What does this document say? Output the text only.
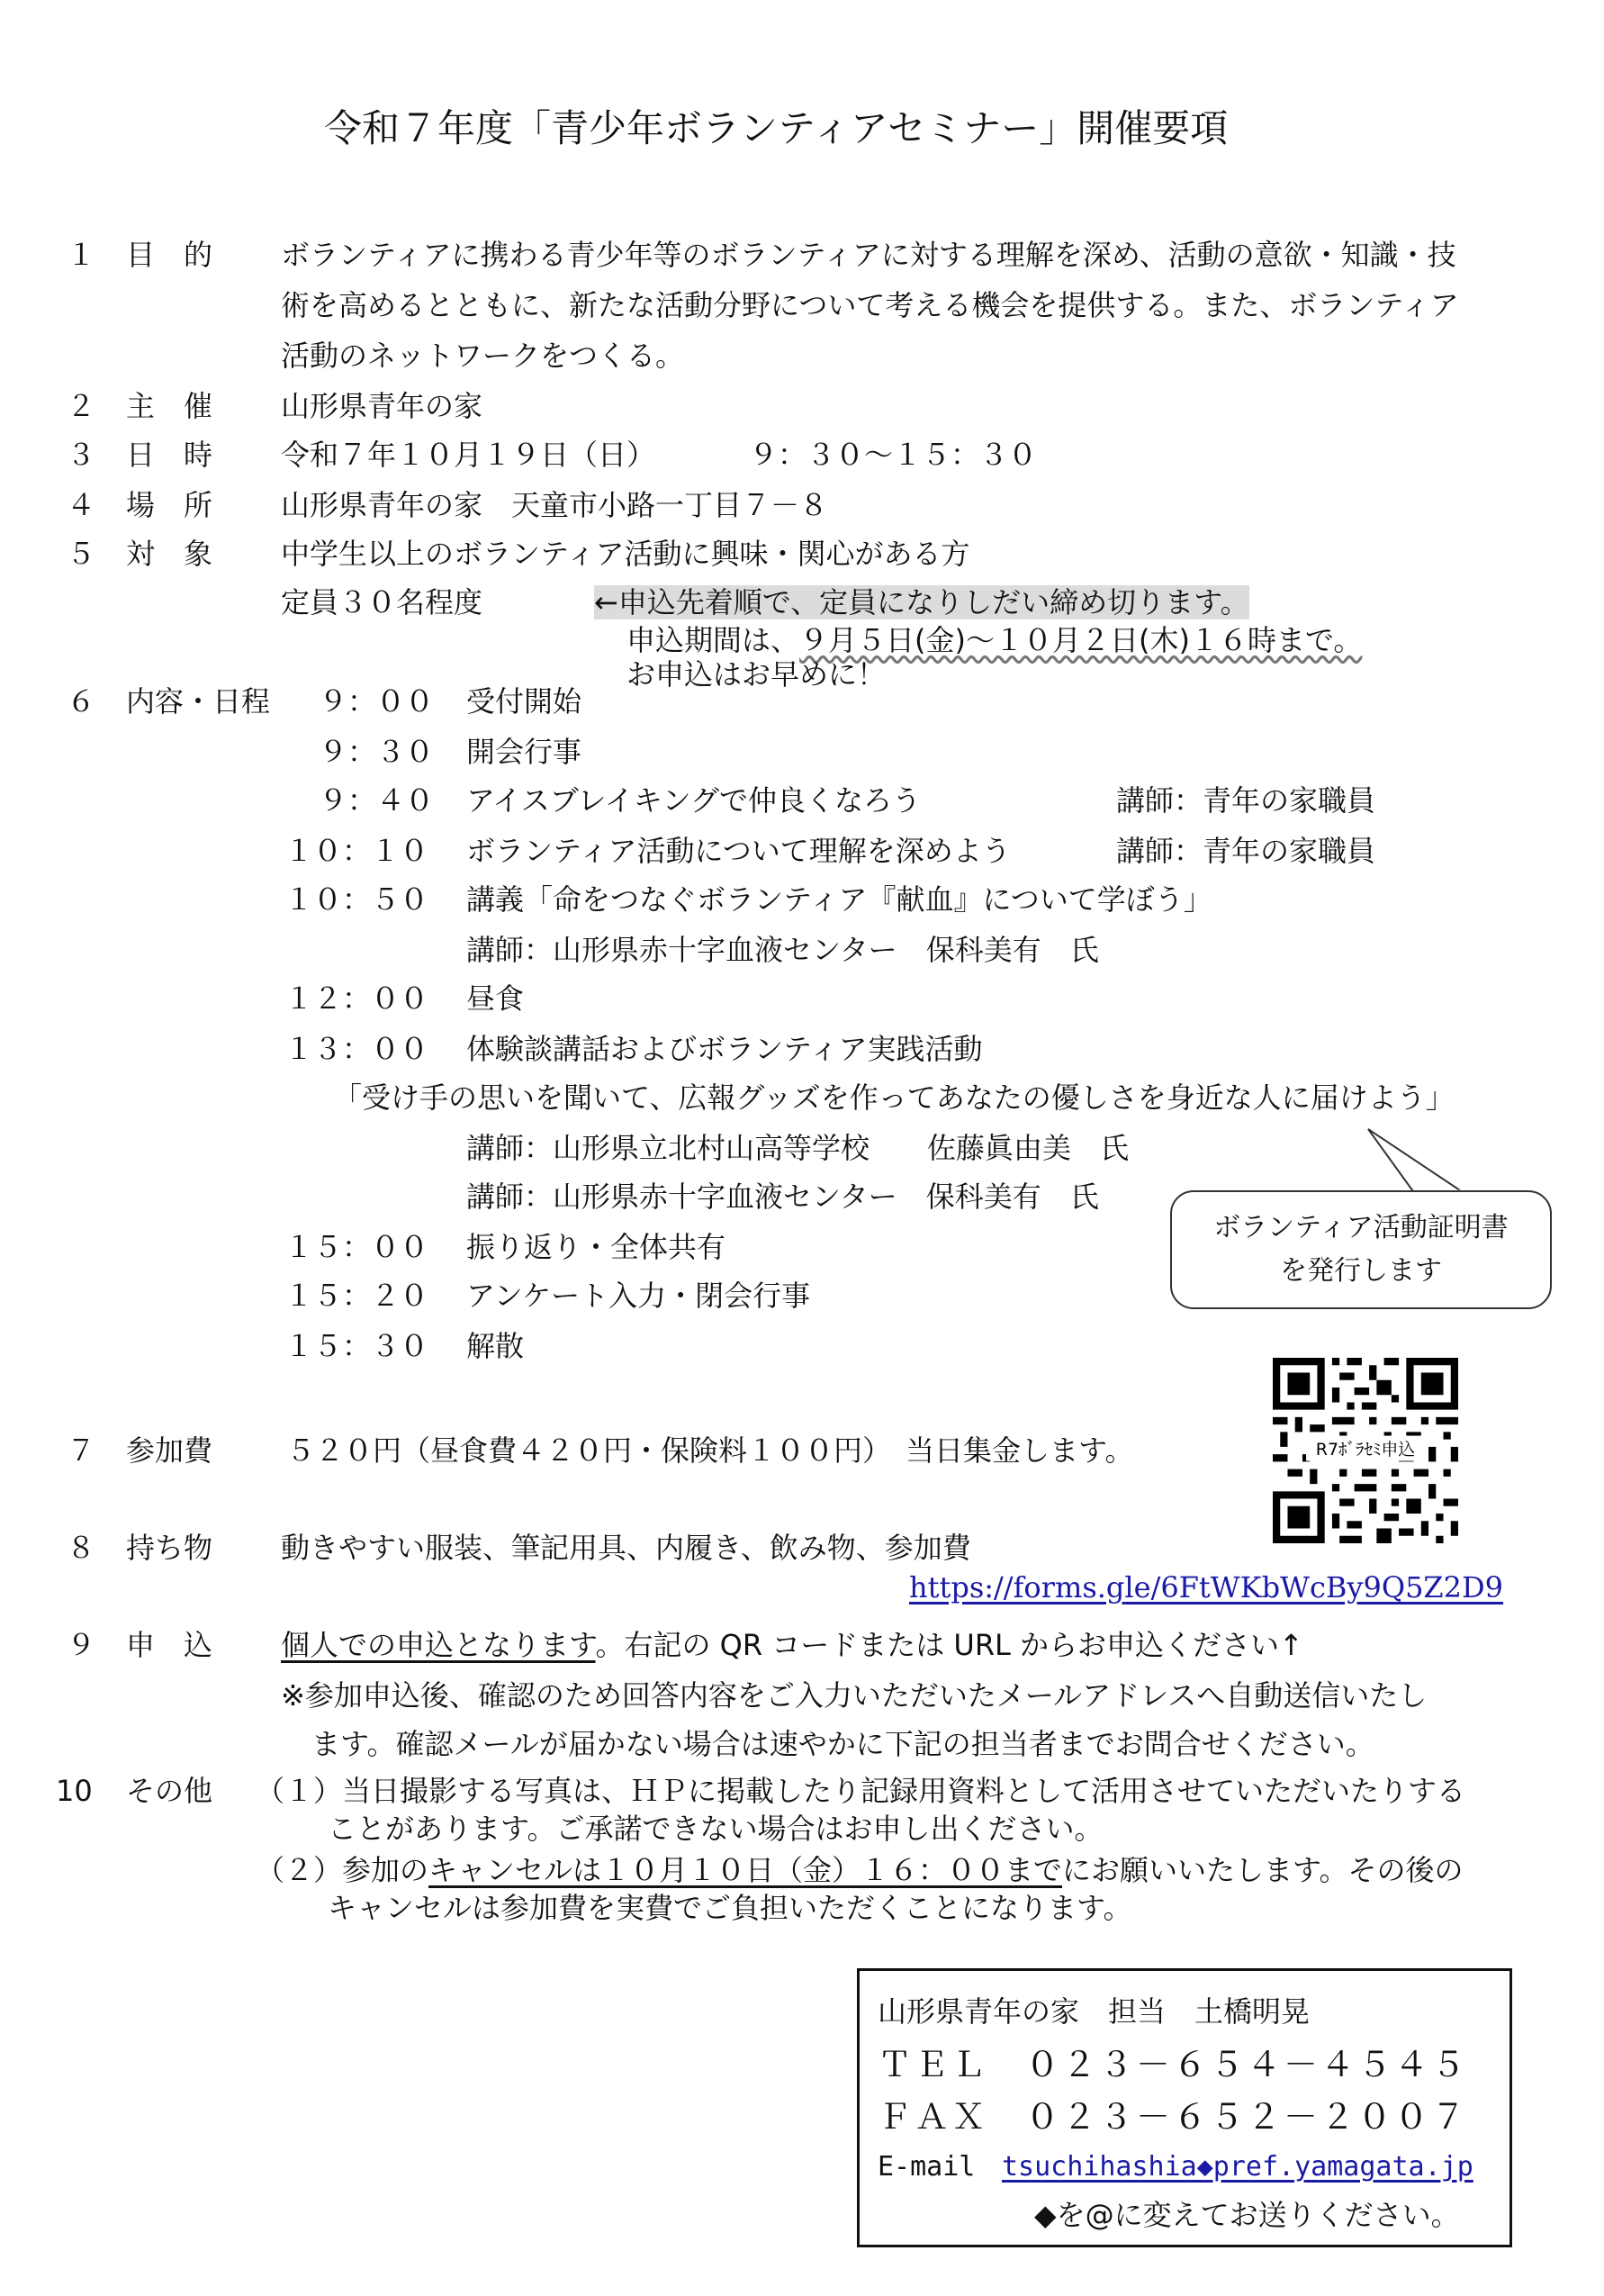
令和７年度「青少年ボランティアセミナー」開催要項
１ 目　的 ボランティアに携わる青少年等のボランティアに対する理解を深め、活動の意欲・知識・技
術を高めるとともに、新たな活動分野について考える機会を提供する。また、ボランティア
活動のネットワークをつくる。
２ 主　催 山形県青年の家
３ 日　時 令和７年１０月１９日（日）	９：３０～１５：３０
４ 場　所 山形県青年の家　天童市小路一丁目７－８
５ 対　象 中学生以上のボランティア活動に興味・関心がある方
定員３０名程度	←申込先着順で、定員になりしだい締め切ります。
申込期間は、９月５日(金)～１０月２日(木)１６時まで。
お申込はお早めに！
６ 内容・日程 ９：００ 受付開始
９：３０ 開会行事
９：４０ アイスブレイキングで仲良くなろう	講師：青年の家職員
１０：１０ ボランティア活動について理解を深めよう	講師：青年の家職員
１０：５０ 講義「命をつなぐボランティア『献血』について学ぼう」
講師：山形県赤十字血液センター　保科美有　氏
１２：００ 昼食
１３：００ 体験談講話およびボランティア実践活動
「受け手の思いを聞いて、広報グッズを作ってあなたの優しさを身近な人に届けよう」
講師：山形県立北村山高等学校　　佐藤眞由美　氏
講師：山形県赤十字血液センター　保科美有　氏
１５：００ 振り返り・全体共有
１５：２０ アンケート入力・閉会行事
１５：３０ 解散
ボランティア活動証明書
を発行します
R7ﾎﾞﾗｾﾐ申込
７ 参加費	５２０円（昼食費４２０円・保険料１００円）　当日集金します。
８ 持ち物 動きやすい服装、筆記用具、内履き、飲み物、参加費
https://forms.gle/6FtWKbWcBy9Q5Z2D9
９ 申　込 個人での申込となります。右記の QR コードまたは URL からお申込ください↑
※参加申込後、確認のため回答内容をご入力いただいたメールアドレスへ自動送信いたし
ます。確認メールが届かない場合は速やかに下記の担当者までお問合せください。
10 その他 （１）当日撮影する写真は、ＨＰに掲載したり記録用資料として活用させていただいたりする
ことがあります。ご承諾できない場合はお申し出ください。
（２）参加のキャンセルは１０月１０日（金）１６：００までにお願いいたします。その後の
キャンセルは参加費を実費でご負担いただくことになります。
山形県青年の家　担当　土橋明晃
ＴＥＬ　０２３－６５４－４５４５
ＦＡＸ　０２３－６５２－２００７
E-mail tsuchihashia◆pref.yamagata.jp
◆を@に変えてお送りください。
